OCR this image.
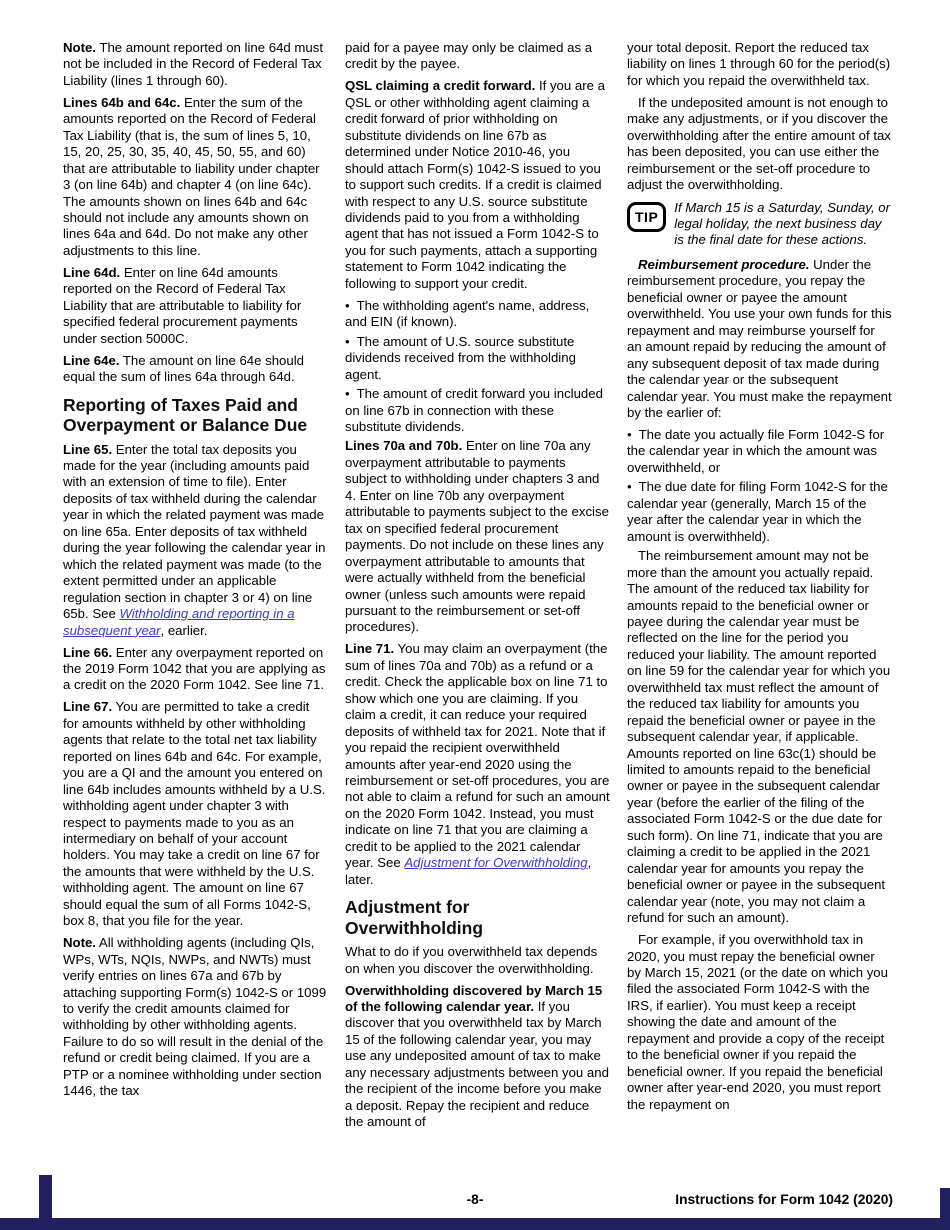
Note. The amount reported on line 64d must not be included in the Record of Federal Tax Liability (lines 1 through 60).

Lines 64b and 64c. Enter the sum of the amounts reported on the Record of Federal Tax Liability (that is, the sum of lines 5, 10, 15, 20, 25, 30, 35, 40, 45, 50, 55, and 60) that are attributable to liability under chapter 3 (on line 64b) and chapter 4 (on line 64c). The amounts shown on lines 64b and 64c should not include any amounts shown on lines 64a and 64d. Do not make any other adjustments to this line.

Line 64d. Enter on line 64d amounts reported on the Record of Federal Tax Liability that are attributable to liability for specified federal procurement payments under section 5000C.

Line 64e. The amount on line 64e should equal the sum of lines 64a through 64d.

Reporting of Taxes Paid and Overpayment or Balance Due

Line 65. Enter the total tax deposits you made for the year (including amounts paid with an extension of time to file). Enter deposits of tax withheld during the calendar year in which the related payment was made on line 65a. Enter deposits of tax withheld during the year following the calendar year in which the related payment was made (to the extent permitted under an applicable regulation section in chapter 3 or 4) on line 65b. See Withholding and reporting in a subsequent year, earlier.

Line 66. Enter any overpayment reported on the 2019 Form 1042 that you are applying as a credit on the 2020 Form 1042. See line 71.

Line 67. You are permitted to take a credit for amounts withheld by other withholding agents that relate to the total net tax liability reported on lines 64b and 64c. For example, you are a QI and the amount you entered on line 64b includes amounts withheld by a U.S. withholding agent under chapter 3 with respect to payments made to you as an intermediary on behalf of your account holders. You may take a credit on line 67 for the amounts that were withheld by the U.S. withholding agent. The amount on line 67 should equal the sum of all Forms 1042-S, box 8, that you file for the year.

Note. All withholding agents (including QIs, WPs, WTs, NQIs, NWPs, and NWTs) must verify entries on lines 67a and 67b by attaching supporting Form(s) 1042-S or 1099 to verify the credit amounts claimed for withholding by other withholding agents. Failure to do so will result in the denial of the refund or credit being claimed. If you are a PTP or a nominee withholding under section 1446, the tax

paid for a payee may only be claimed as a credit by the payee.

QSL claiming a credit forward. If you are a QSL or other withholding agent claiming a credit forward of prior withholding on substitute dividends on line 67b as determined under Notice 2010-46, you should attach Form(s) 1042-S issued to you to support such credits. If a credit is claimed with respect to any U.S. source substitute dividends paid to you from a withholding agent that has not issued a Form 1042-S to you for such payments, attach a supporting statement to Form 1042 indicating the following to support your credit.

• The withholding agent's name, address, and EIN (if known).

• The amount of U.S. source substitute dividends received from the withholding agent.

• The amount of credit forward you included on line 67b in connection with these substitute dividends.

Lines 70a and 70b. Enter on line 70a any overpayment attributable to payments subject to withholding under chapters 3 and 4. Enter on line 70b any overpayment attributable to payments subject to the excise tax on specified federal procurement payments. Do not include on these lines any overpayment attributable to amounts that were actually withheld from the beneficial owner (unless such amounts were repaid pursuant to the reimbursement or set-off procedures).

Line 71. You may claim an overpayment (the sum of lines 70a and 70b) as a refund or a credit. Check the applicable box on line 71 to show which one you are claiming. If you claim a credit, it can reduce your required deposits of withheld tax for 2021. Note that if you repaid the recipient overwithheld amounts after year-end 2020 using the reimbursement or set-off procedures, you are not able to claim a refund for such an amount on the 2020 Form 1042. Instead, you must indicate on line 71 that you are claiming a credit to be applied to the 2021 calendar year. See Adjustment for Overwithholding, later.

Adjustment for Overwithholding

What to do if you overwithheld tax depends on when you discover the overwithholding.

Overwithholding discovered by March 15 of the following calendar year. If you discover that you overwithheld tax by March 15 of the following calendar year, you may use any undeposited amount of tax to make any necessary adjustments between you and the recipient of the income before you make a deposit. Repay the recipient and reduce the amount of

your total deposit. Report the reduced tax liability on lines 1 through 60 for the period(s) for which you repaid the overwithheld tax.

If the undeposited amount is not enough to make any adjustments, or if you discover the overwithholding after the entire amount of tax has been deposited, you can use either the reimbursement or the set-off procedure to adjust the overwithholding.

TIP
If March 15 is a Saturday, Sunday, or legal holiday, the next business day is the final date for these actions.

Reimbursement procedure. Under the reimbursement procedure, you repay the beneficial owner or payee the amount overwithheld. You use your own funds for this repayment and may reimburse yourself for an amount repaid by reducing the amount of any subsequent deposit of tax made during the calendar year or the subsequent calendar year. You must make the repayment by the earlier of:

• The date you actually file Form 1042-S for the calendar year in which the amount was overwithheld, or

• The due date for filing Form 1042-S for the calendar year (generally, March 15 of the year after the calendar year in which the amount is overwithheld).

The reimbursement amount may not be more than the amount you actually repaid. The amount of the reduced tax liability for amounts repaid to the beneficial owner or payee during the calendar year must be reflected on the line for the period you reduced your liability. The amount reported on line 59 for the calendar year for which you overwithheld tax must reflect the amount of the reduced tax liability for amounts you repaid the beneficial owner or payee in the subsequent calendar year, if applicable. Amounts reported on line 63c(1) should be limited to amounts repaid to the beneficial owner or payee in the subsequent calendar year (before the earlier of the filing of the associated Form 1042-S or the due date for such form). On line 71, indicate that you are claiming a credit to be applied in the 2021 calendar year for amounts you repay the beneficial owner or payee in the subsequent calendar year (note, you may not claim a refund for such an amount).

For example, if you overwithhold tax in 2020, you must repay the beneficial owner by March 15, 2021 (or the date on which you filed the associated Form 1042-S with the IRS, if earlier). You must keep a receipt showing the date and amount of the repayment and provide a copy of the receipt to the beneficial owner if you repaid the beneficial owner. If you repaid the beneficial owner after year-end 2020, you must report the repayment on

-8-	Instructions for Form 1042 (2020)
